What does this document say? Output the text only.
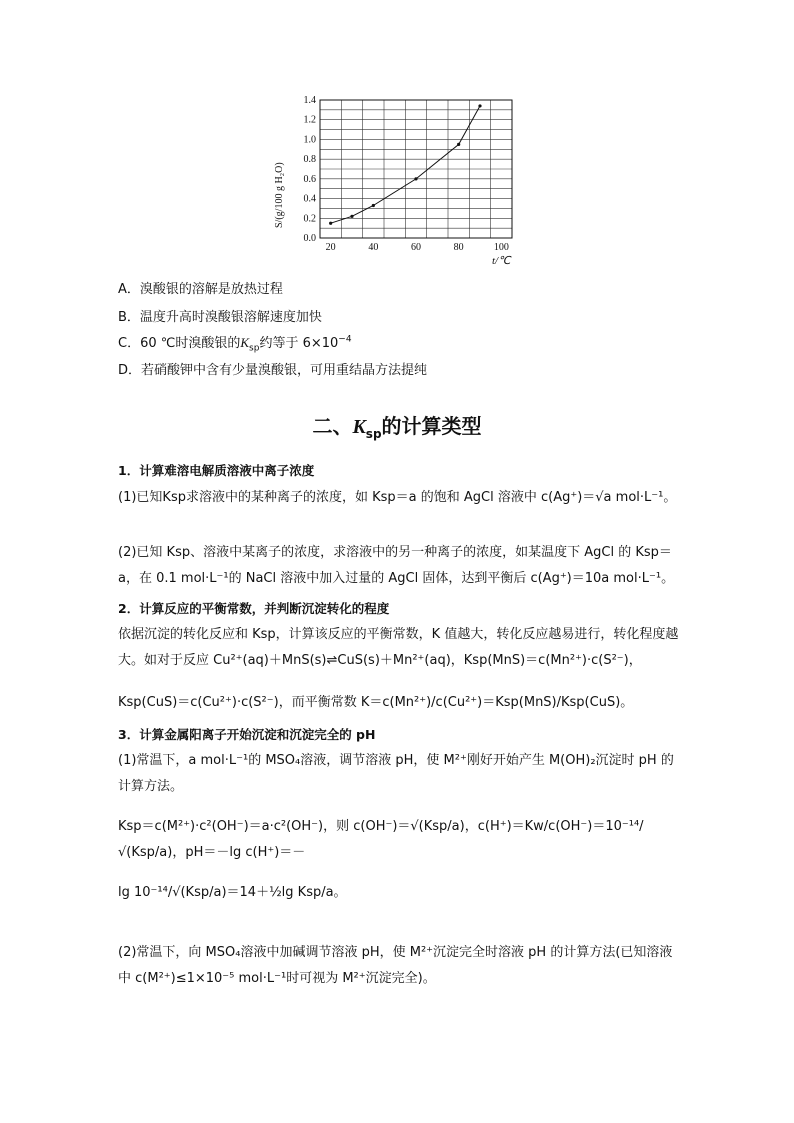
0.0
0.2
0.4
0.6
0.8
1.0
1.2
1.4
20	40	60	80	100
S/(g/100 g H₂O)
t/℃
A．溴酸银的溶解是放热过程
B．温度升高时溴酸银溶解速度加快
C．60 ℃时溴酸银的$K_{sp}$约等于 $6\times 10^{-4}$
D．若硝酸钾中含有少量溴酸银，可用重结晶方法提纯
二、$K_{sp}$的计算类型
1．计算难溶电解质溶液中离子浓度
(1)已知Ksp求溶液中的某种离子的浓度，如 Ksp＝a 的饱和 AgCl 溶液中 c(Ag⁺)＝√a mol·L⁻¹。
(2)已知 Ksp、溶液中某离子的浓度，求溶液中的另一种离子的浓度，如某温度下 AgCl 的 Ksp＝a，在 0.1 mol·L⁻¹的 NaCl 溶液中加入过量的 AgCl 固体，达到平衡后 c(Ag⁺)＝10a mol·L⁻¹。
2．计算反应的平衡常数，并判断沉淀转化的程度
依据沉淀的转化反应和 Ksp，计算该反应的平衡常数，K 值越大，转化反应越易进行，转化程度越大。如对于反应 Cu²⁺(aq)＋MnS(s)⇌CuS(s)＋Mn²⁺(aq)，Ksp(MnS)＝c(Mn²⁺)·c(S²⁻)，
Ksp(CuS)＝c(Cu²⁺)·c(S²⁻)，而平衡常数 K＝c(Mn²⁺)/c(Cu²⁺)＝Ksp(MnS)/Ksp(CuS)。
3．计算金属阳离子开始沉淀和沉淀完全的 pH
(1)常温下，a mol·L⁻¹的 MSO₄溶液，调节溶液 pH，使 M²⁺刚好开始产生 M(OH)₂沉淀时 pH 的计算方法。
Ksp＝c(M²⁺)·c²(OH⁻)＝a·c²(OH⁻)，则 c(OH⁻)＝√(Ksp/a)，c(H⁺)＝Kw/c(OH⁻)＝10⁻¹⁴/√(Ksp/a)，pH＝－lg c(H⁺)＝－
lg 10⁻¹⁴/√(Ksp/a)＝14＋½lg Ksp/a。
(2)常温下，向 MSO₄溶液中加碱调节溶液 pH，使 M²⁺沉淀完全时溶液 pH 的计算方法(已知溶液中 c(M²⁺)≤1×10⁻⁵ mol·L⁻¹时可视为 M²⁺沉淀完全)。
